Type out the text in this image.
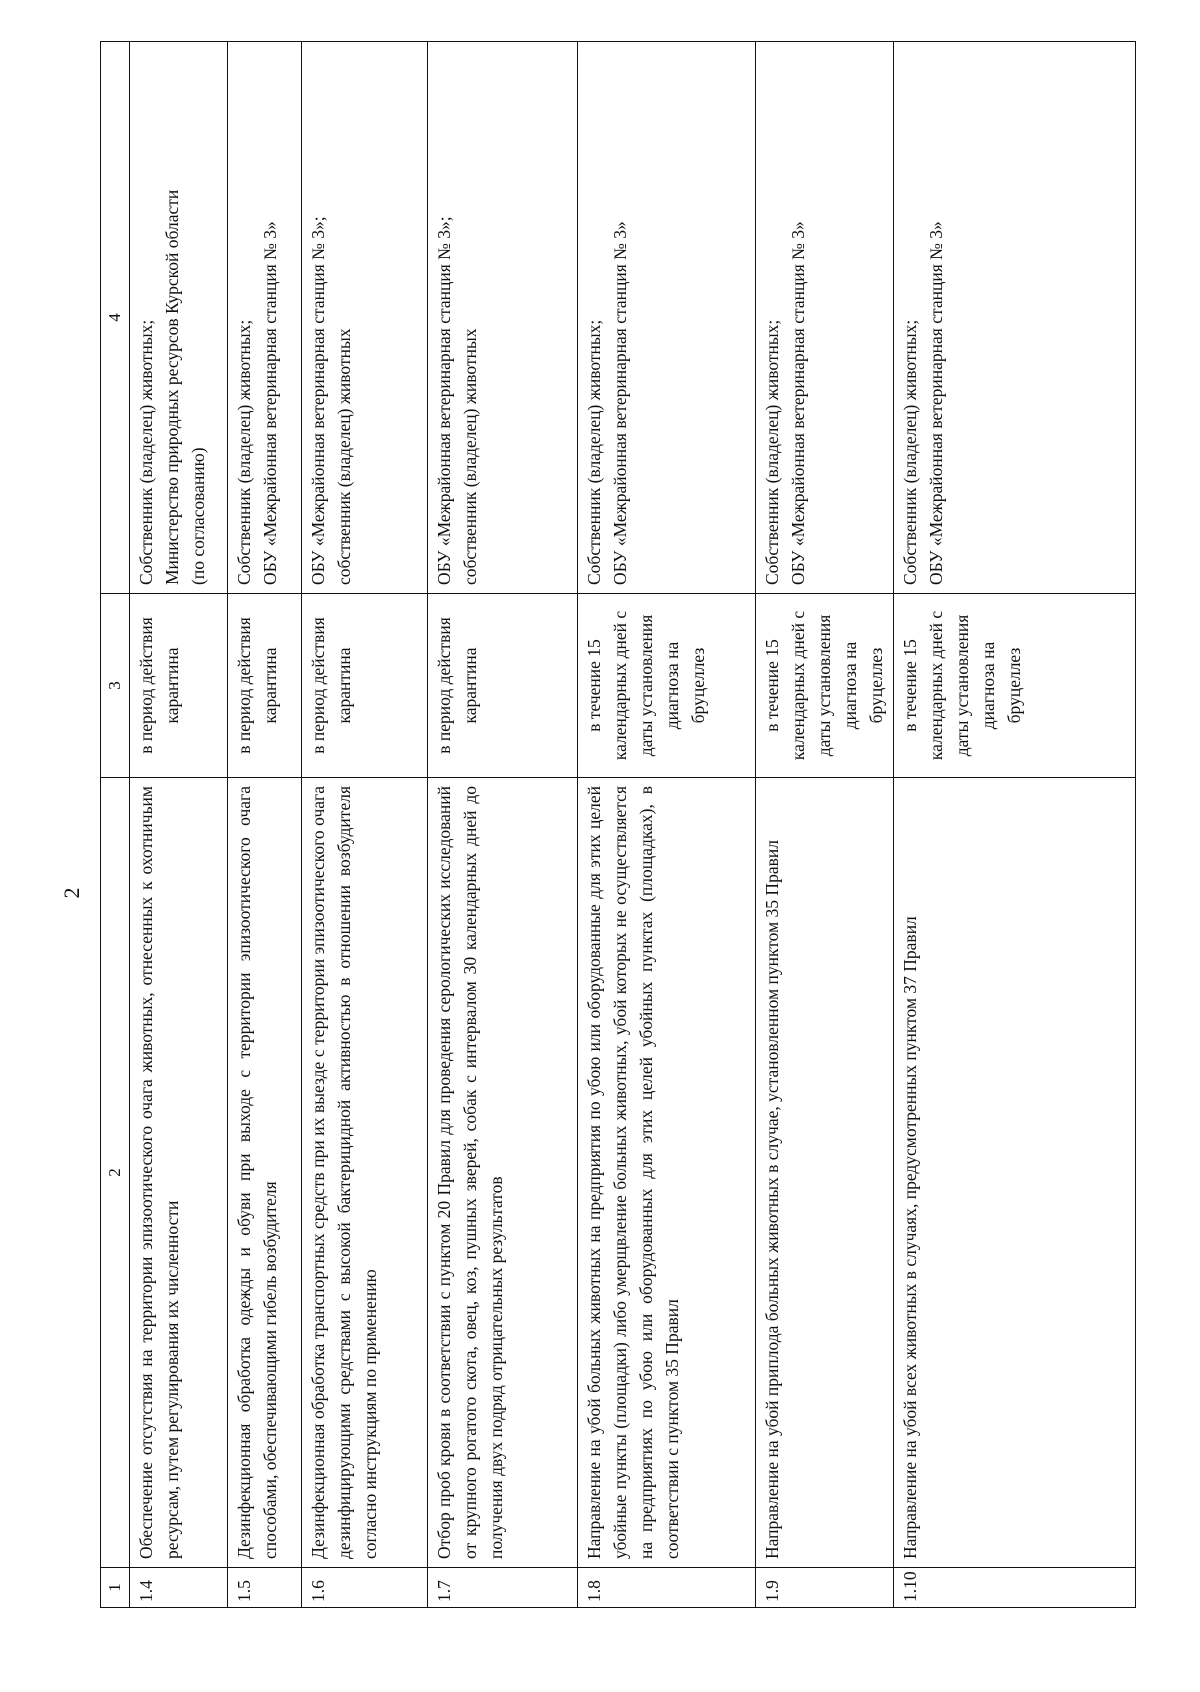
2
1	2	3	4
1.4	Обеспечение отсутствия на территории эпизоотического очага животных, отнесенных к охотничьим ресурсам, путем регулирования их численности	в период действия карантина	Собственник (владелец) животных;
Министерство природных ресурсов Курской области
(по согласованию)
1.5	Дезинфекционная обработка одежды и обуви при выходе с территории эпизоотического очага способами, обеспечивающими гибель возбудителя	в период действия карантина	Собственник (владелец) животных;
ОБУ «Межрайонная ветеринарная станция № 3»
1.6	Дезинфекционная обработка транспортных средств при их выезде с территории эпизоотического очага дезинфицирующими средствами с высокой бактерицидной активностью в отношении возбудителя согласно инструкциям по применению	в период действия карантина	ОБУ «Межрайонная ветеринарная станция № 3»;
собственник (владелец) животных
1.7	Отбор проб крови в соответствии с пунктом 20 Правил для проведения серологических исследований от крупного рогатого скота, овец, коз, пушных зверей, собак с интервалом 30 календарных дней до получения двух подряд отрицательных результатов	в период действия карантина	ОБУ «Межрайонная ветеринарная станция № 3»;
собственник (владелец) животных
1.8	Направление на убой больных животных на предприятия по убою или оборудованные для этих целей убойные пункты (площадки) либо умерщвление больных животных, убой которых не осуществляется на предприятиях по убою или оборудованных для этих целей убойных пунктах (площадках), в соответствии с пунктом 35 Правил	в течение 15 календарных дней с даты установления диагноза на бруцеллез	Собственник (владелец) животных;
ОБУ «Межрайонная ветеринарная станция № 3»
1.9	Направление на убой приплода больных животных в случае, установленном пунктом 35 Правил	в течение 15 календарных дней с даты установления диагноза на бруцеллез	Собственник (владелец) животных;
ОБУ «Межрайонная ветеринарная станция № 3»
1.10	Направление на убой всех животных в случаях, предусмотренных пунктом 37 Правил	в течение 15 календарных дней с даты установления диагноза на бруцеллез	Собственник (владелец) животных;
ОБУ «Межрайонная ветеринарная станция № 3»
